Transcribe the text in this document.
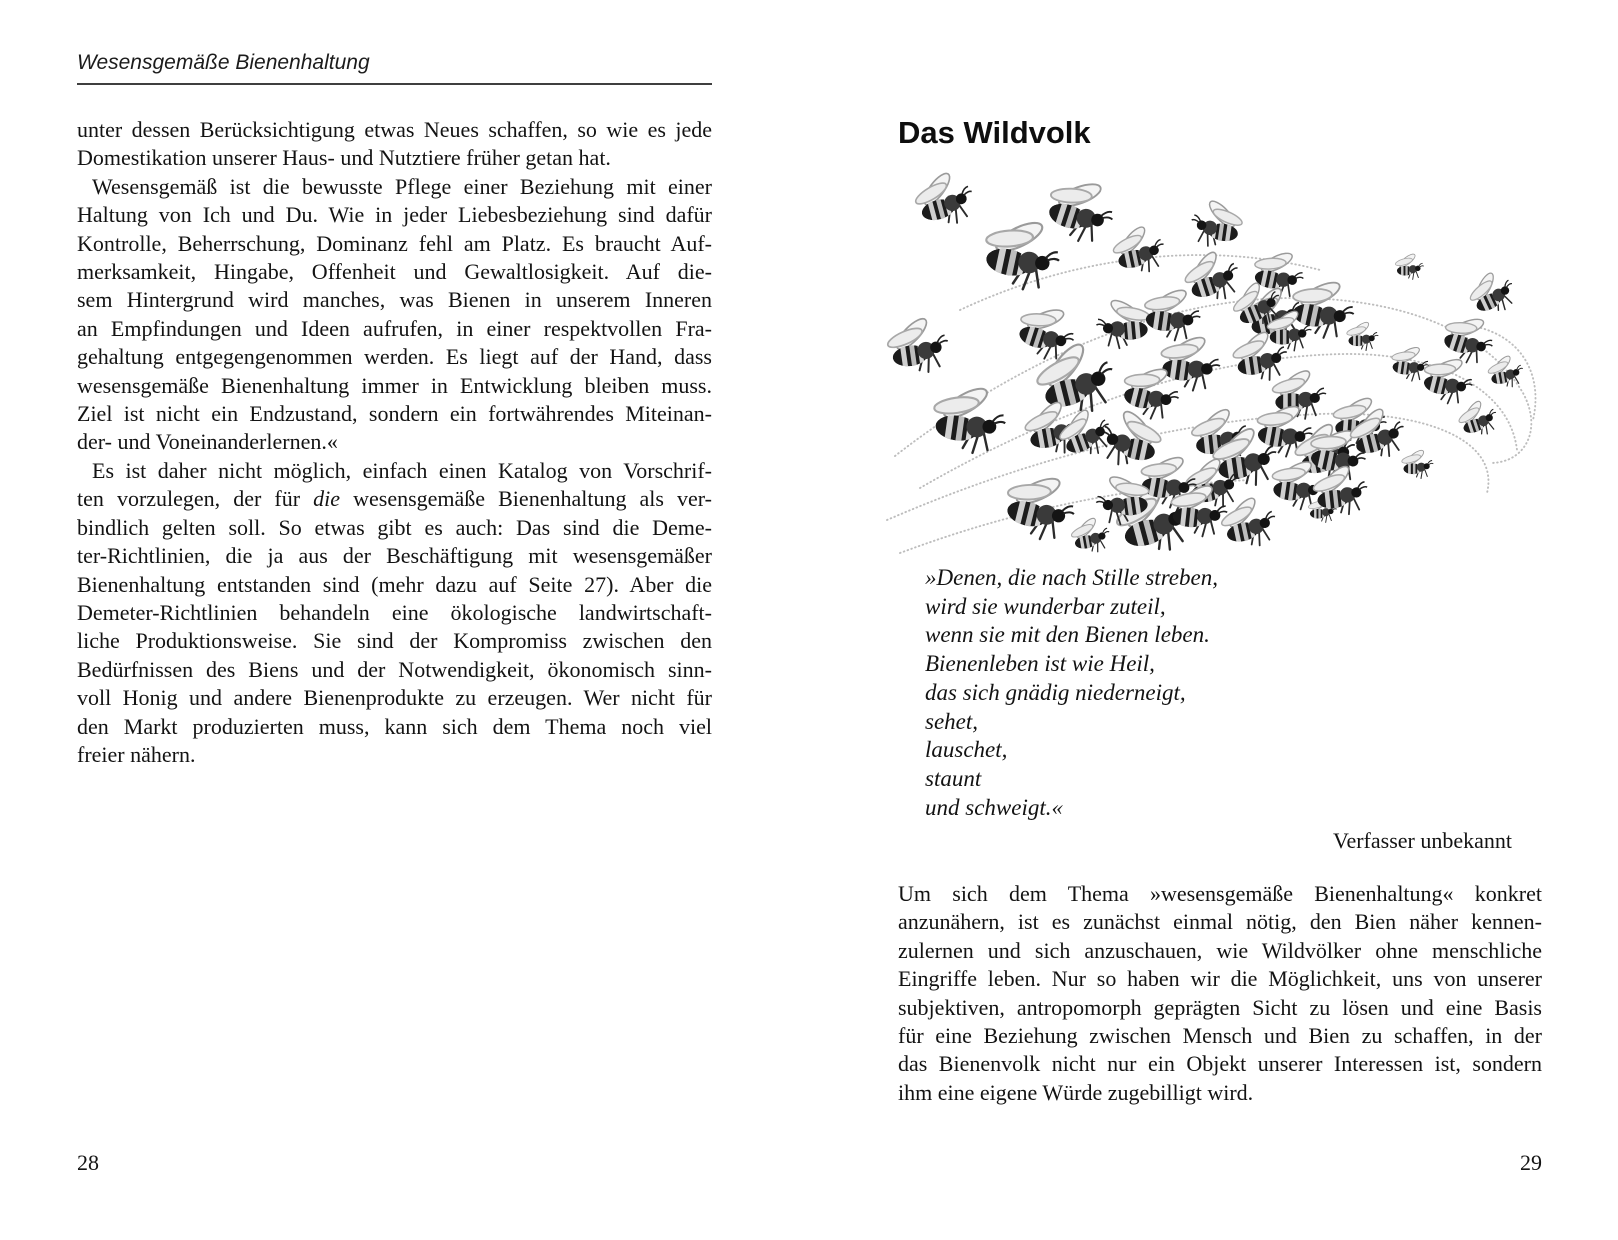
Wesensgemäße Bienenhaltung
unter dessen Berücksichtigung etwas Neues schaffen, so wie es jede
Domestikation unserer Haus- und Nutztiere früher getan hat.
Wesensgemäß ist die bewusste Pflege einer Beziehung mit einer
Haltung von Ich und Du. Wie in jeder Liebesbeziehung sind dafür
Kontrolle, Beherrschung, Dominanz fehl am Platz. Es braucht Auf-
merksamkeit, Hingabe, Offenheit und Gewaltlosigkeit. Auf die-
sem Hintergrund wird manches, was Bienen in unserem Inneren
an Empfindungen und Ideen aufrufen, in einer respektvollen Fra-
gehaltung entgegengenommen werden. Es liegt auf der Hand, dass
wesensgemäße Bienenhaltung immer in Entwicklung bleiben muss.
Ziel ist nicht ein Endzustand, sondern ein fortwährendes Miteinan-
der- und Voneinanderlernen.«
Es ist daher nicht möglich, einfach einen Katalog von Vorschrif-
ten vorzulegen, der für die wesensgemäße Bienenhaltung als ver-
bindlich gelten soll. So etwas gibt es auch: Das sind die Deme-
ter-Richtlinien, die ja aus der Beschäftigung mit wesensgemäßer
Bienenhaltung entstanden sind (mehr dazu auf Seite 27). Aber die
Demeter-Richtlinien behandeln eine ökologische landwirtschaft-
liche Produktionsweise. Sie sind der Kompromiss zwischen den
Bedürfnissen des Biens und der Notwendigkeit, ökonomisch sinn-
voll Honig und andere Bienenprodukte zu erzeugen. Wer nicht für
den Markt produzierten muss, kann sich dem Thema noch viel
freier nähern.
28
Das Wildvolk
»Denen, die nach Stille streben,
wird sie wunderbar zuteil,
wenn sie mit den Bienen leben.
Bienenleben ist wie Heil,
das sich gnädig niederneigt,
sehet,
lauschet,
staunt
und schweigt.«
Verfasser unbekannt
Um sich dem Thema »wesensgemäße Bienenhaltung« konkret
anzunähern, ist es zunächst einmal nötig, den Bien näher kennen-
zulernen und sich anzuschauen, wie Wildvölker ohne menschliche
Eingriffe leben. Nur so haben wir die Möglichkeit, uns von unserer
subjektiven, antropomorph geprägten Sicht zu lösen und eine Basis
für eine Beziehung zwischen Mensch und Bien zu schaffen, in der
das Bienenvolk nicht nur ein Objekt unserer Interessen ist, sondern
ihm eine eigene Würde zugebilligt wird.
29
